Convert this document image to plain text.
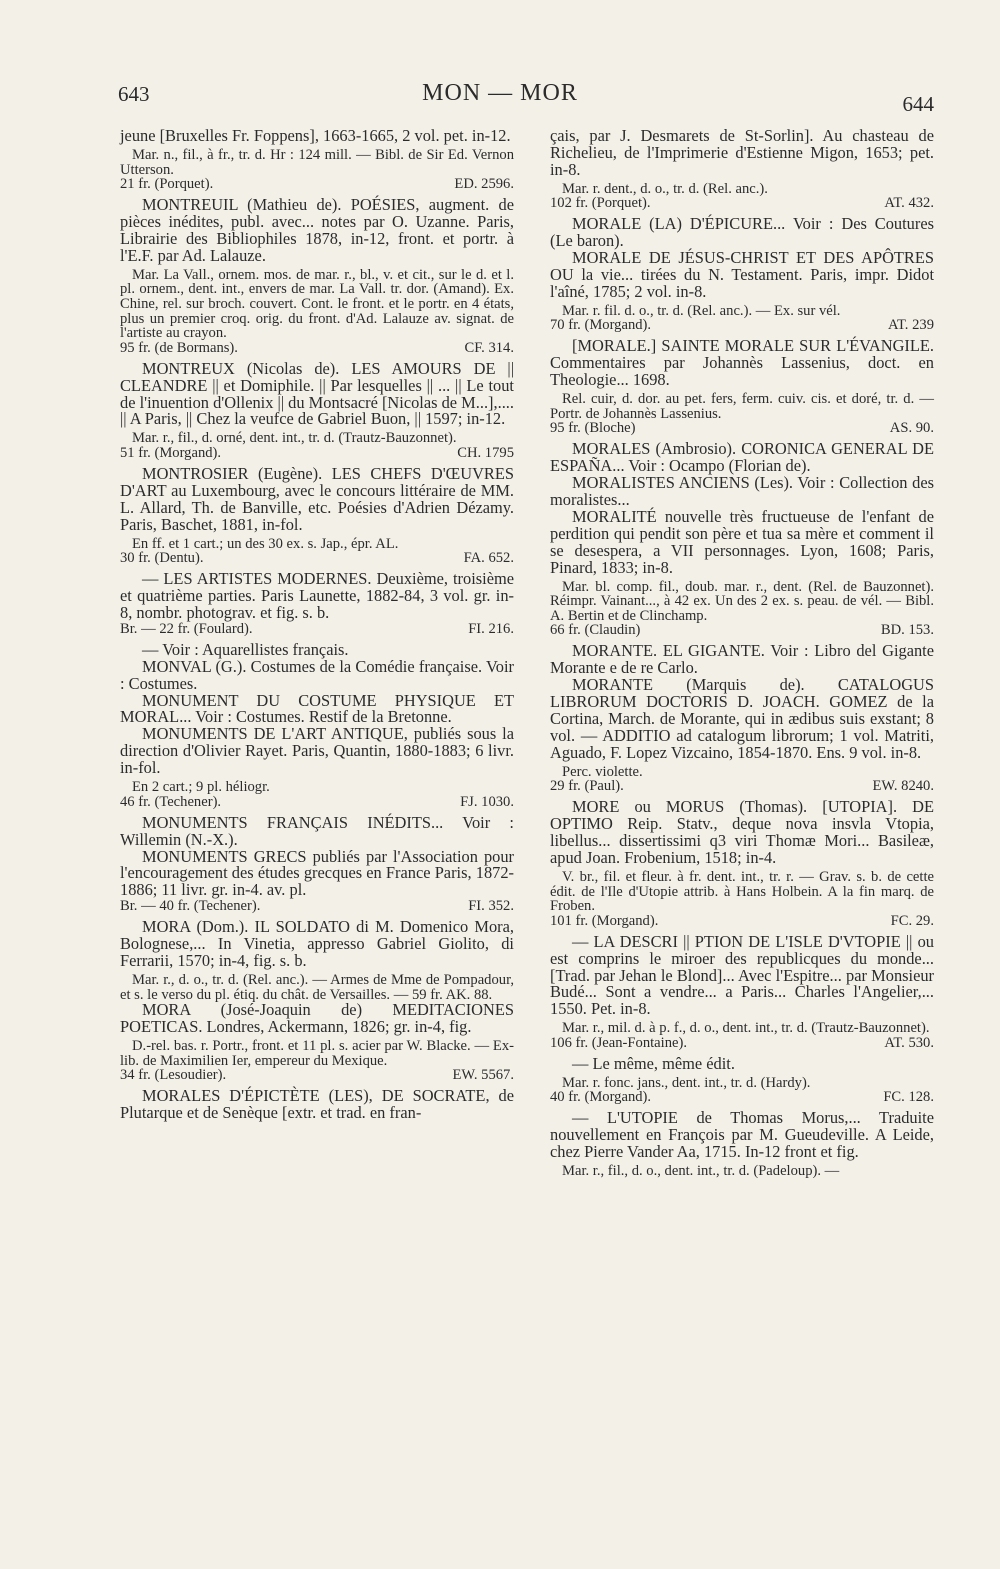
643	MON — MOR	644

jeune [Bruxelles Fr. Foppens], 1663-1665, 2 vol. pet. in-12.

Mar. n., fil., à fr., tr. d. Hr : 124 mill. — Bibl. de Sir Ed. Vernon Utterson.

21 fr. (Porquet).	ED. 2596.

MONTREUIL (Mathieu de). POÉSIES, augment. de pièces inédites, publ. avec... notes par O. Uzanne. Paris, Librairie des Bibliophiles 1878, in-12, front. et portr. à l'E.F. par Ad. Lalauze.

Mar. La Vall., ornem. mos. de mar. r., bl., v. et cit., sur le d. et l. pl. ornem., dent. int., envers de mar. La Vall. tr. dor. (Amand). Ex. Chine, rel. sur broch. couvert. Cont. le front. et le portr. en 4 états, plus un premier croq. orig. du front. d'Ad. Lalauze av. signat. de l'artiste au crayon.

95 fr. (de Bormans).	CF. 314.

MONTREUX (Nicolas de). LES AMOURS DE || CLEANDRE || et Domiphile. || Par lesquelles || ... || Le tout de l'inuention d'Ollenix || du Montsacré [Nicolas de M...],.... || A Paris, || Chez la veufce de Gabriel Buon, || 1597; in-12.

Mar. r., fil., d. orné, dent. int., tr. d. (Trautz-Bauzonnet).

51 fr. (Morgand).	CH. 1795

MONTROSIER (Eugène). LES CHEFS D'ŒUVRES D'ART au Luxembourg, avec le concours littéraire de MM. L. Allard, Th. de Banville, etc. Poésies d'Adrien Dézamy. Paris, Baschet, 1881, in-fol.

En ff. et 1 cart.; un des 30 ex. s. Jap., épr. AL.

30 fr. (Dentu).	FA. 652.

— LES ARTISTES MODERNES. Deuxième, troisième et quatrième parties. Paris Launette, 1882-84, 3 vol. gr. in-8, nombr. photograv. et fig. s. b.

Br. — 22 fr. (Foulard).	FI. 216.

— Voir : Aquarellistes français.

MONVAL (G.). Costumes de la Comédie française. Voir : Costumes.

MONUMENT DU COSTUME PHYSIQUE ET MORAL... Voir : Costumes. Restif de la Bretonne.

MONUMENTS DE L'ART ANTIQUE, publiés sous la direction d'Olivier Rayet. Paris, Quantin, 1880-1883; 6 livr. in-fol.

En 2 cart.; 9 pl. héliogr.

46 fr. (Techener).	FJ. 1030.

MONUMENTS FRANÇAIS INÉDITS... Voir : Willemin (N.-X.).

MONUMENTS GRECS publiés par l'Association pour l'encouragement des études grecques en France Paris, 1872-1886; 11 livr. gr. in-4. av. pl.

Br. — 40 fr. (Techener).	FI. 352.

MORA (Dom.). IL SOLDATO di M. Domenico Mora, Bolognese,... In Vinetia, appresso Gabriel Giolito, di Ferrarii, 1570; in-4, fig. s. b.

Mar. r., d. o., tr. d. (Rel. anc.). — Armes de Mme de Pompadour, et s. le verso du pl. étiq. du chât. de Versailles. — 59 fr. AK. 88.

MORA (José-Joaquin de) MEDITACIONES POETICAS. Londres, Ackermann, 1826; gr. in-4, fig.

D.-rel. bas. r. Portr., front. et 11 pl. s. acier par W. Blacke. — Ex-lib. de Maximilien Ier, empereur du Mexique.

34 fr. (Lesoudier).	EW. 5567.

MORALES D'ÉPICTÈTE (LES), DE SOCRATE, de Plutarque et de Senèque [extr. et trad. en fran-

çais, par J. Desmarets de St-Sorlin]. Au chasteau de Richelieu, de l'Imprimerie d'Estienne Migon, 1653; pet. in-8.

Mar. r. dent., d. o., tr. d. (Rel. anc.).

102 fr. (Porquet).	AT. 432.

MORALE (LA) D'ÉPICURE... Voir : Des Coutures (Le baron).

MORALE DE JÉSUS-CHRIST ET DES APÔTRES OU la vie... tirées du N. Testament. Paris, impr. Didot l'aîné, 1785; 2 vol. in-8.

Mar. r. fil. d. o., tr. d. (Rel. anc.). — Ex. sur vél.

70 fr. (Morgand).	AT. 239

[MORALE.] SAINTE MORALE SUR L'ÉVANGILE. Commentaires par Johannès Lassenius, doct. en Theologie... 1698.

Rel. cuir, d. dor. au pet. fers, ferm. cuiv. cis. et doré, tr. d. — Portr. de Johannès Lassenius.

95 fr. (Bloche)	AS. 90.

MORALES (Ambrosio). CORONICA GENERAL DE ESPAÑA... Voir : Ocampo (Florian de).

MORALISTES ANCIENS (Les). Voir : Collection des moralistes...

MORALITÉ nouvelle très fructueuse de l'enfant de perdition qui pendit son père et tua sa mère et comment il se desespera, a VII personnages. Lyon, 1608; Paris, Pinard, 1833; in-8.

Mar. bl. comp. fil., doub. mar. r., dent. (Rel. de Bauzonnet). Réimpr. Vainant..., à 42 ex. Un des 2 ex. s. peau. de vél. — Bibl. A. Bertin et de Clinchamp.

66 fr. (Claudin)	BD. 153.

MORANTE. EL GIGANTE. Voir : Libro del Gigante Morante e de re Carlo.

MORANTE (Marquis de). CATALOGUS LIBRORUM DOCTORIS D. JOACH. GOMEZ de la Cortina, March. de Morante, qui in ædibus suis exstant; 8 vol. — ADDITIO ad catalogum librorum; 1 vol. Matriti, Aguado, F. Lopez Vizcaino, 1854-1870. Ens. 9 vol. in-8.

Perc. violette.

29 fr. (Paul).	EW. 8240.

MORE ou MORUS (Thomas). [UTOPIA]. DE OPTIMO Reip. Statv., deque nova insvla Vtopia, libellus... dissertissimi q3 viri Thomæ Mori... Basileæ, apud Joan. Frobenium, 1518; in-4.

V. br., fil. et fleur. à fr. dent. int., tr. r. — Grav. s. b. de cette édit. de l'Ile d'Utopie attrib. à Hans Holbein. A la fin marq. de Froben.

101 fr. (Morgand).	FC. 29.

— LA DESCRI || PTION DE L'ISLE D'VTOPIE || ou est comprins le miroer des republicques du monde... [Trad. par Jehan le Blond]... Avec l'Espitre... par Monsieur Budé... Sont a vendre... a Paris... Charles l'Angelier,... 1550. Pet. in-8.

Mar. r., mil. d. à p. f., d. o., dent. int., tr. d. (Trautz-Bauzonnet).

106 fr. (Jean-Fontaine).	AT. 530.

— Le même, même édit.

Mar. r. fonc. jans., dent. int., tr. d. (Hardy).

40 fr. (Morgand).	FC. 128.

— L'UTOPIE de Thomas Morus,... Traduite nouvellement en François par M. Gueudeville. A Leide, chez Pierre Vander Aa, 1715. In-12 front et fig.

Mar. r., fil., d. o., dent. int., tr. d. (Padeloup). —
